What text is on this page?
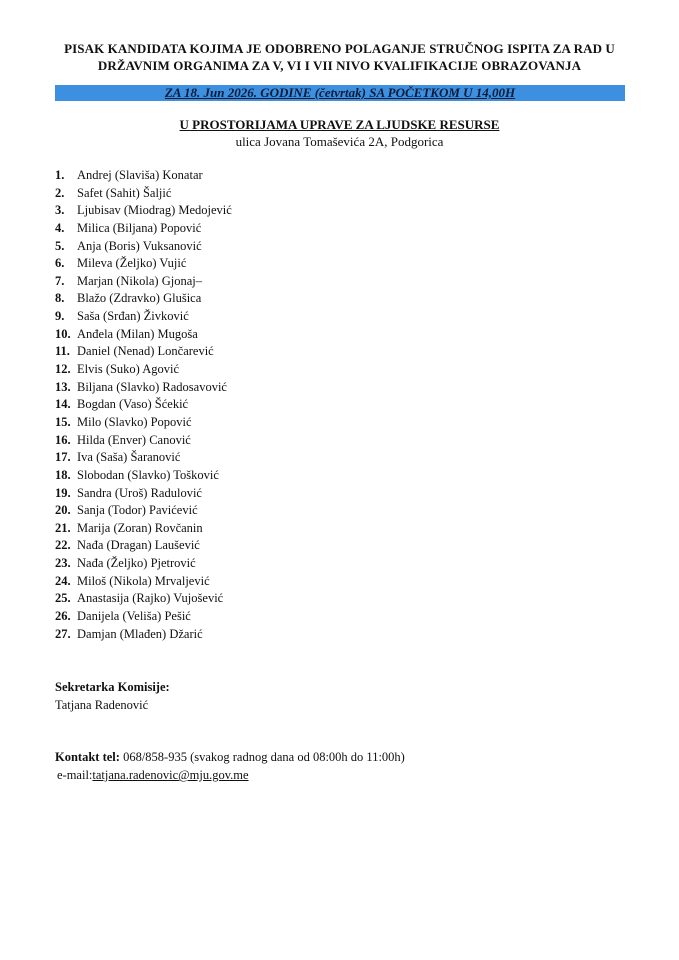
PISAK KANDIDATA KOJIMA JE ODOBRENO POLAGANJE STRUČNOG ISPITA ZA RAD U
DRŽAVNIM ORGANIMA ZA V, VI I VII NIVO KVALIFIKACIJE OBRAZOVANJA
ZA 18. Jun 2026. GODINE (četvrtak) SA POČETKOM U 14,00H
U PROSTORIJAMA UPRAVE ZA LJUDSKE RESURSE
ulica Jovana Tomaševića 2A, Podgorica
1. Andrej (Slaviša) Konatar
2. Safet (Sahit) Šaljić
3. Ljubisav (Miodrag) Medojević
4. Milica (Biljana) Popović
5. Anja (Boris) Vuksanović
6. Mileva (Željko) Vujić
7. Marjan (Nikola) Gjonaj–
8. Blažo (Zdravko) Glušica
9. Saša (Srđan) Živković
10. Anđela (Milan) Mugoša
11. Daniel (Nenad) Lončarević
12. Elvis (Suko) Agović
13. Biljana (Slavko) Radosavović
14. Bogdan (Vaso) Šćekić
15. Milo (Slavko) Popović
16. Hilda (Enver) Canović
17. Iva (Saša) Šaranović
18. Slobodan (Slavko) Tošković
19. Sandra (Uroš) Radulović
20. Sanja (Todor) Pavićević
21. Marija (Zoran) Rovčanin
22. Nađa (Dragan) Laušević
23. Nađa (Željko) Pjetrović
24. Miloš (Nikola) Mrvaljević
25. Anastasija (Rajko) Vujošević
26. Danijela (Veliša) Pešić
27. Damjan (Mlađen) Džarić
Sekretarka Komisije:
Tatjana Radenović
Kontakt tel: 068/858-935 (svakog radnog dana od 08:00h do 11:00h)
e-mail:tatjana.radenovic@mju.gov.me
